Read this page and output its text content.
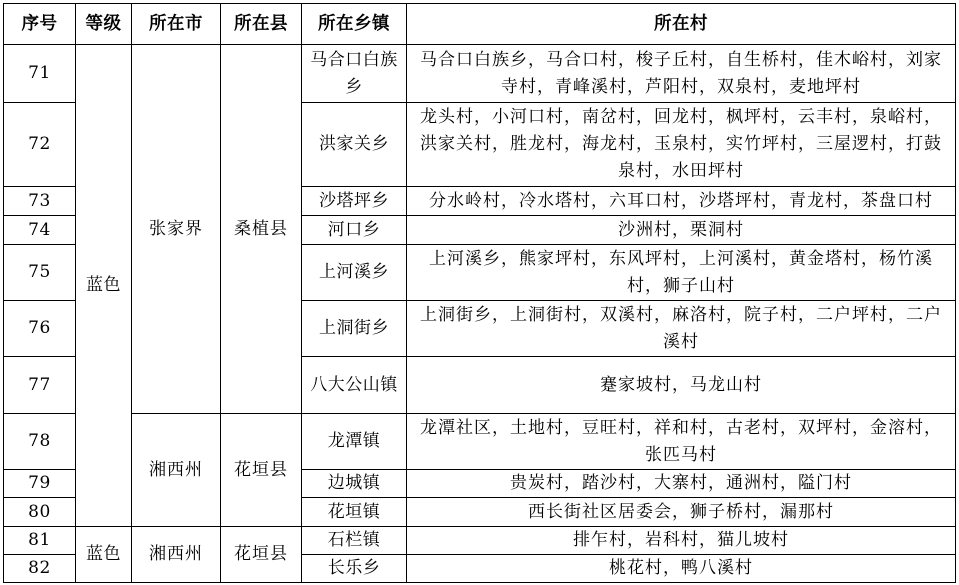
序号	等级	所在市	所在县	所在乡镇	所在村
71	蓝色	张家界	桑植县	马合口白族乡	马合口白族乡，马合口村，梭子丘村，自生桥村，佳木峪村，刘家寺村，青峰溪村，芦阳村，双泉村，麦地坪村
72				洪家关乡	龙头村，小河口村，南岔村，回龙村，枫坪村，云丰村，泉峪村，洪家关村，胜龙村，海龙村，玉泉村，实竹坪村，三屋逻村，打鼓泉村，水田坪村
73				沙塔坪乡	分水岭村，冷水塔村，六耳口村，沙塔坪村，青龙村，茶盘口村
74				河口乡	沙洲村，栗洞村
75				上河溪乡	上河溪乡，熊家坪村，东风坪村，上河溪村，黄金塔村，杨竹溪村，狮子山村
76				上洞街乡	上洞街乡，上洞街村，双溪村，麻洛村，院子村，二户坪村，二户溪村
77				八大公山镇	蹇家坡村，马龙山村
78		湘西州	花垣县	龙潭镇	龙潭社区，土地村，豆旺村，祥和村，古老村，双坪村，金溶村，张匹马村
79				边城镇	贵炭村，踏沙村，大寨村，通洲村，隘门村
80				花垣镇	西长街社区居委会，狮子桥村，漏那村
81	蓝色	湘西州	花垣县	石栏镇	排乍村，岩科村，猫儿坡村
82				长乐乡	桃花村，鸭八溪村
